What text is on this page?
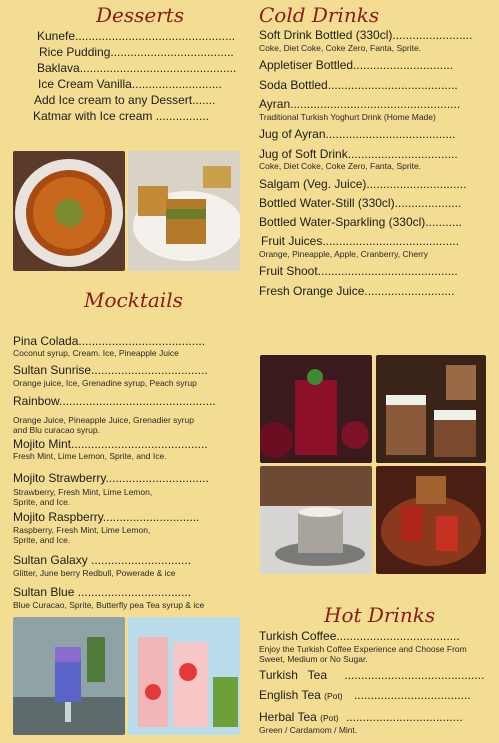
Desserts
Kunefe................................................
Rice Pudding.....................................
Baklava...............................................
Ice Cream Vanilla...........................
Add Ice cream to any Dessert.......
Katmar with Ice cream ................
Cold Drinks
Soft Drink Bottled (330cl)........................
Coke, Diet Coke, Coke Zero, Fanta, Sprite.
Appletiser Bottled..............................
Soda Bottled.......................................
Ayran...................................................
Traditional Turkish Yoghurt Drink (Home Made)
Jug of Ayran.......................................
Jug of Soft Drink.................................
Coke, Diet Coke, Coke Zero, Fanta, Sprite.
Salgam (Veg. Juice)..............................
Bottled Water-Still (330cl)....................
Bottled Water-Sparkling (330cl)...........
Fruit Juices.........................................
Orange, Pineapple, Apple, Cranberry, Cherry
Fruit Shoot..........................................
Fresh Orange Juice...........................
Mocktails
Pina Colada......................................
Coconut syrup, Cream. Ice, Pineapple Juice
Sultan Sunrise...................................
Orange juice, Ice, Grenadine syrup, Peach syrup
Rainbow...............................................
Orange Juice, Pineapple Juice, Grenadier syrup and Blu curacao syrup.
Mojito Mint.........................................
Fresh Mint, Lime Lemon, Sprite, and Ice.
Mojito Strawberry...............................
Strawberry, Fresh Mint, Lime Lemon, Sprite, and Ice.
Mojito Raspberry.............................
Raspberry, Fresh Mint, Lime Lemon, Sprite, and Ice.
Sultan Galaxy ..............................
Glitter, June berry Redbull, Powerade & ice
Sultan Blue ..................................
Blue Curacao, Sprite, Butterfly pea Tea syrup & ice	Hot Drinks
Turkish Coffee.....................................
Enjoy the Turkish Coffee Experience and Choose From Sweet, Medium or No Sugar.
Turkish   Tea ..........................................
English Tea (Pot) ...................................
Herbal Tea (Pot) ...................................
Green / Cardamom / Mint.
